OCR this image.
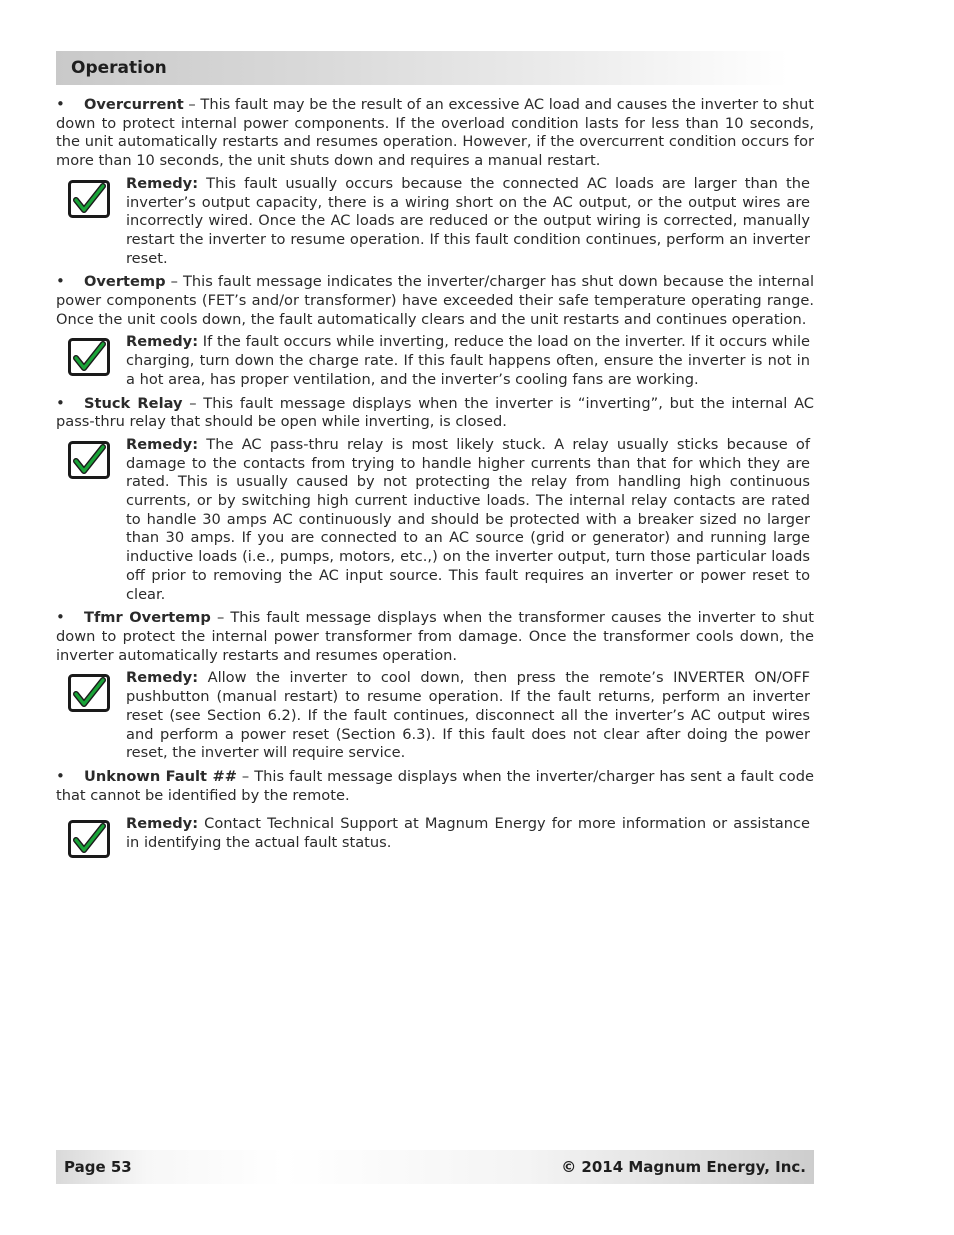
Operation

• Overcurrent – This fault may be the result of an excessive AC load and causes the inverter to shut down to protect internal power components. If the overload condition lasts for less than 10 seconds, the unit automatically restarts and resumes operation. However, if the overcurrent condition occurs for more than 10 seconds, the unit shuts down and requires a manual restart.

Remedy: This fault usually occurs because the connected AC loads are larger than the inverter’s output capacity, there is a wiring short on the AC output, or the output wires are incorrectly wired. Once the AC loads are reduced or the output wiring is corrected, manually restart the inverter to resume operation. If this fault condition continues, perform an inverter reset.

• Overtemp – This fault message indicates the inverter/charger has shut down because the internal power components (FET’s and/or transformer) have exceeded their safe temperature operating range. Once the unit cools down, the fault automatically clears and the unit restarts and continues operation.

Remedy: If the fault occurs while inverting, reduce the load on the inverter. If it occurs while charging, turn down the charge rate. If this fault happens often, ensure the inverter is not in a hot area, has proper ventilation, and the inverter’s cooling fans are working.

• Stuck Relay – This fault message displays when the inverter is “inverting”, but the internal AC pass-thru relay that should be open while inverting, is closed.

Remedy: The AC pass-thru relay is most likely stuck. A relay usually sticks because of damage to the contacts from trying to handle higher currents than that for which they are rated. This is usually caused by not protecting the relay from handling high continuous currents, or by switching high current inductive loads. The internal relay contacts are rated to handle 30 amps AC continuously and should be protected with a breaker sized no larger than 30 amps. If you are connected to an AC source (grid or generator) and running large inductive loads (i.e., pumps, motors, etc.,) on the inverter output, turn those particular loads off prior to removing the AC input source. This fault requires an inverter or power reset to clear.

• Tfmr Overtemp – This fault message displays when the transformer causes the inverter to shut down to protect the internal power transformer from damage. Once the transformer cools down, the inverter automatically restarts and resumes operation.

Remedy: Allow the inverter to cool down, then press the remote’s INVERTER ON/OFF pushbutton (manual restart) to resume operation. If the fault returns, perform an inverter reset (see Section 6.2). If the fault continues, disconnect all the inverter’s AC output wires and perform a power reset (Section 6.3). If this fault does not clear after doing the power reset, the inverter will require service.

• Unknown Fault ## – This fault message displays when the inverter/charger has sent a fault code that cannot be identified by the remote.

Remedy: Contact Technical Support at Magnum Energy for more information or assistance in identifying the actual fault status.

Page 53	© 2014 Magnum Energy, Inc.
